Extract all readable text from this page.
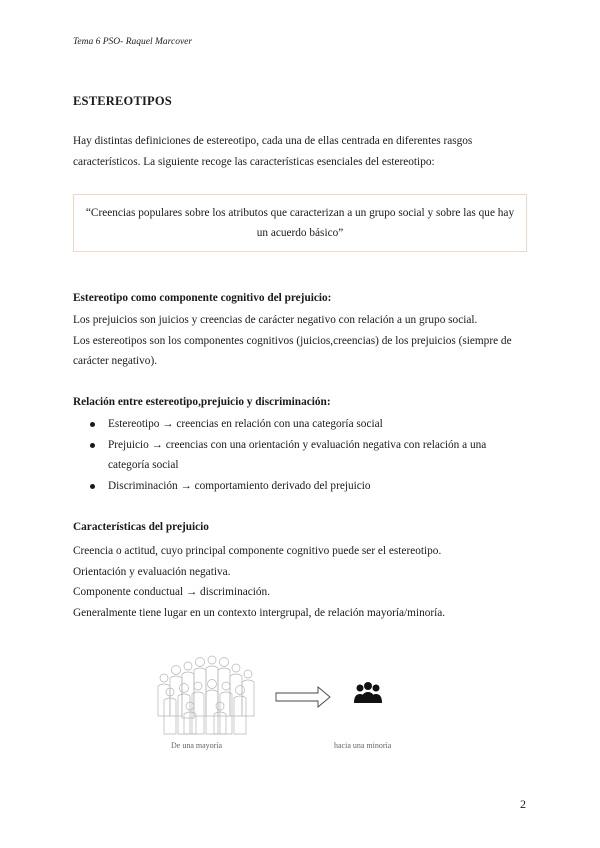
Tema 6 PSO- Raquel Marcover
ESTEREOTIPOS
Hay distintas definiciones de estereotipo, cada una de ellas centrada en diferentes rasgos característicos. La siguiente recoge las características esenciales del estereotipo:
“Creencias populares sobre los atributos que caracterizan a un grupo social y sobre las que hay un acuerdo básico”
Estereotipo como componente cognitivo del prejuicio:
Los prejuicios son juicios y creencias de carácter negativo con relación a un grupo social.
Los estereotipos son los componentes cognitivos (juicios,creencias) de los prejuicios (siempre de carácter negativo).
Relación entre estereotipo,prejuicio y discriminación:
Estereotipo → creencias en relación con una categoría social
Prejuicio → creencias con una orientación y evaluación negativa con relación a una categoría social
Discriminación → comportamiento derivado del prejuicio
Características del prejuicio
Creencia o actitud, cuyo principal componente cognitivo puede ser el estereotipo.
Orientación y evaluación negativa.
Componente conductual → discriminación.
Generalmente tiene lugar en un contexto intergrupal, de relación mayoría/minoría.
De una mayoría	hacia una minoría
2
